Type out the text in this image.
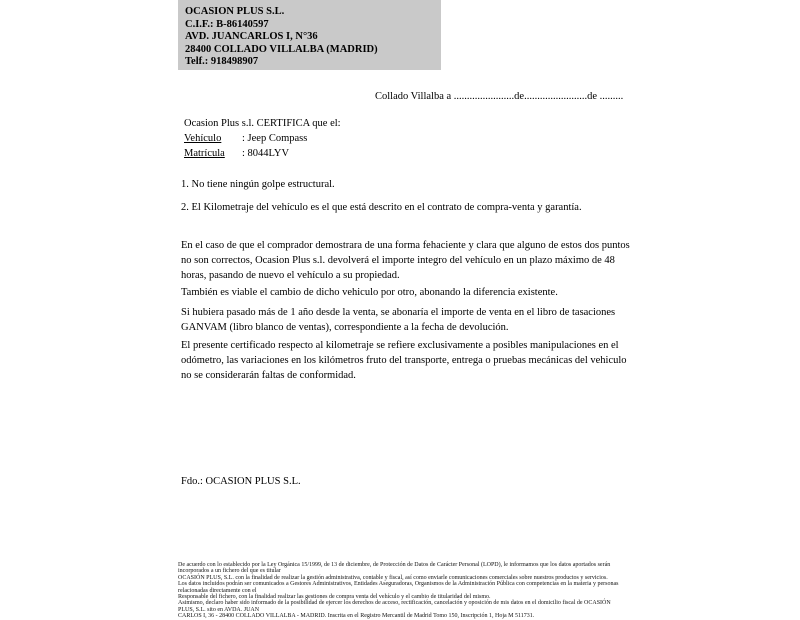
OCASION PLUS S.L.
C.I.F.: B-86140597
AVD. JUANCARLOS I, N°36
28400 COLLADO VILLALBA (MADRID)
Telf.: 918498907
Collado Villalba a .......................de........................de .........
Ocasion Plus s.l. CERTIFICA que el:
Vehículo : Jeep Compass
Matrícula : 8044LYV
1. No tiene ningún golpe estructural.
2. El Kilometraje del vehículo es el que está descrito en el contrato de compra-venta y garantía.
En el caso de que el comprador demostrara de una forma fehaciente y clara que alguno de estos dos puntos no son correctos, Ocasion Plus s.l. devolverá el importe integro del vehículo en un plazo máximo de 48 horas, pasando de nuevo el vehículo a su propiedad.
También es viable el cambio de dicho vehiculo por otro, abonando la diferencia existente.
Si hubiera pasado más de 1 año desde la venta, se abonaría el importe de venta en el libro de tasaciones GANVAM (libro blanco de ventas), correspondiente a la fecha de devolución.
El presente certificado respecto al kilometraje se refiere exclusivamente a posibles manipulaciones en el odómetro, las variaciones en los kilómetros fruto del transporte, entrega o pruebas mecánicas del vehiculo no se considerarán faltas de conformidad.
Fdo.: OCASION PLUS S.L.
De acuerdo con lo establecido por la Ley Orgánica 15/1999, de 13 de diciembre, de Protección de Datos de Carácter Personal (LOPD), le informamos que los datos aportados serán incorporados a un fichero del que es titular
OCASIÓN PLUS, S.L. con la finalidad de realizar la gestión administrativa, contable y fiscal, así como enviarle comunicaciones comerciales sobre nuestros productos y servicios.
Los datos incluidos podrán ser comunicados a Gestores Administrativos, Entidades Aseguradoras, Organismos de la Administración Pública con competencias en la materia y personas relacionadas directamente con el
Responsable del fichero, con la finalidad realizar las gestiones de compra venta del vehículo y el cambio de titularidad del mismo.
Asimismo, declaro haber sido informado de la posibilidad de ejercer los derechos de acceso, rectificación, cancelación y oposición de mis datos en el domicilio fiscal de OCASIÓN PLUS, S.L. sito en AVDA. JUAN
CARLOS I, 36 - 28400 COLLADO VILLALBA - MADRID. Inscrita en el Registro Mercantil de Madrid Tomo 150, Inscripción 1, Hoja M 511731.
